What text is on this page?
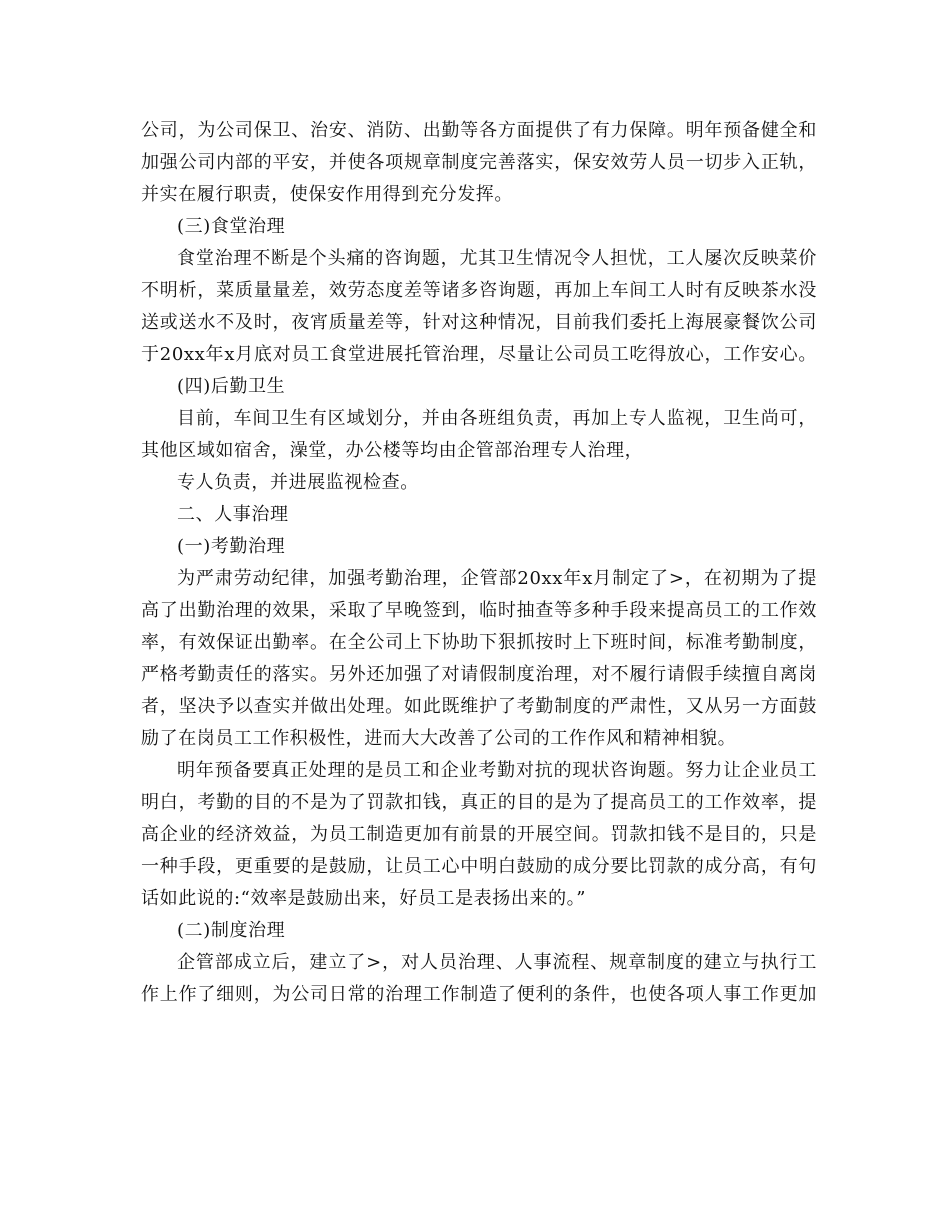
公司，为公司保卫、治安、消防、出勤等各方面提供了有力保障。明年预备健全和
加强公司内部的平安，并使各项规章制度完善落实，保安效劳人员一切步入正轨，
并实在履行职责，使保安作用得到充分发挥。
(三)食堂治理
食堂治理不断是个头痛的咨询题，尤其卫生情况令人担忧，工人屡次反映菜价
不明析，菜质量量差，效劳态度差等诸多咨询题，再加上车间工人时有反映茶水没
送或送水不及时，夜宵质量差等，针对这种情况，目前我们委托上海展豪餐饮公司
于20xx年x月底对员工食堂进展托管治理，尽量让公司员工吃得放心，工作安心。
(四)后勤卫生
目前，车间卫生有区域划分，并由各班组负责，再加上专人监视，卫生尚可，
其他区域如宿舍，澡堂，办公楼等均由企管部治理专人治理，
专人负责，并进展监视检查。
二、人事治理
(一)考勤治理
为严肃劳动纪律，加强考勤治理，企管部20xx年x月制定了>，在初期为了提
高了出勤治理的效果，采取了早晚签到，临时抽查等多种手段来提高员工的工作效
率，有效保证出勤率。在全公司上下协助下狠抓按时上下班时间，标准考勤制度，
严格考勤责任的落实。另外还加强了对请假制度治理，对不履行请假手续擅自离岗
者，坚决予以查实并做出处理。如此既维护了考勤制度的严肃性，又从另一方面鼓
励了在岗员工工作积极性，进而大大改善了公司的工作作风和精神相貌。
明年预备要真正处理的是员工和企业考勤对抗的现状咨询题。努力让企业员工
明白，考勤的目的不是为了罚款扣钱，真正的目的是为了提高员工的工作效率，提
高企业的经济效益，为员工制造更加有前景的开展空间。罚款扣钱不是目的，只是
一种手段，更重要的是鼓励，让员工心中明白鼓励的成分要比罚款的成分高，有句
话如此说的:“效率是鼓励出来，好员工是表扬出来的。”
(二)制度治理
企管部成立后，建立了>，对人员治理、人事流程、规章制度的建立与执行工
作上作了细则，为公司日常的治理工作制造了便利的条件，也使各项人事工作更加
